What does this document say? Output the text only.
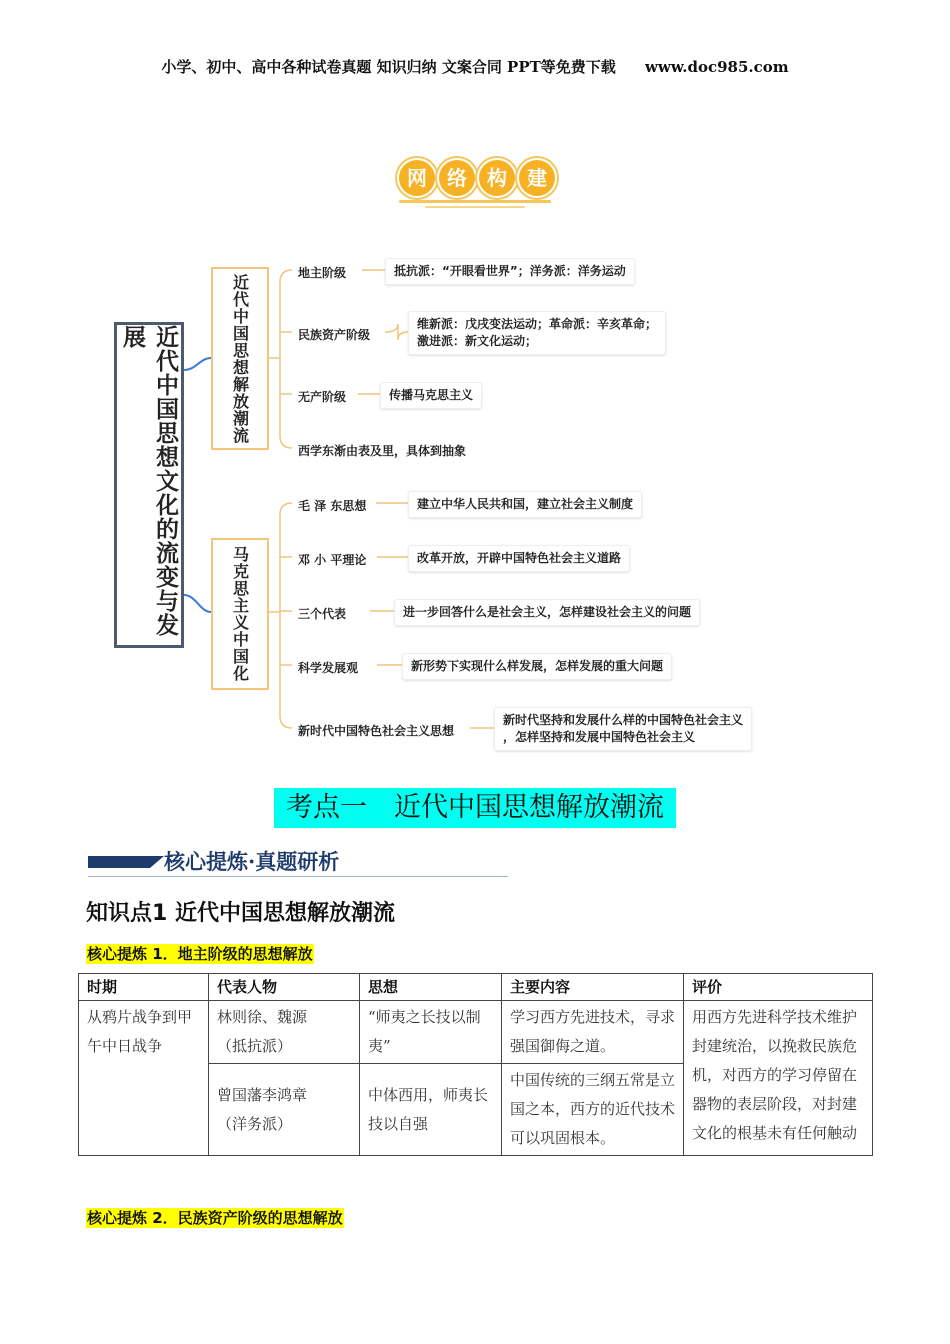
小学、初中、高中各种试卷真题 知识归纳 文案合同 PPT等免费下载 www.doc985.com
网	络	构	建
近代中国思想文化的流变与发展	近代中国思想解放潮流
地主阶级	抵抗派：“开眼看世界”；洋务派：洋务运动
民族资产阶级
维新派：戊戌变法运动；革命派：辛亥革命；
激进派：新文化运动；
无产阶级	传播马克思主义
西学东渐由表及里，具体到抽象
马克思主义中国化
毛 泽 东思想	建立中华人民共和国，建立社会主义制度
邓 小 平理论	改革开放，开辟中国特色社会主义道路
三个代表	进一步回答什么是社会主义，怎样建设社会主义的问题
科学发展观	新形势下实现什么样发展，怎样发展的重大问题
新时代中国特色社会主义思想
新时代坚持和发展什么样的中国特色社会主义
，怎样坚持和发展中国特色社会主义
考点一　近代中国思想解放潮流
核心提炼·真题研析
知识点1 近代中国思想解放潮流
核心提炼 1．地主阶级的思想解放
时期	代表人物	思想	主要内容	评价
从鸦片战争到甲午中日战争	林则徐、魏源
（抵抗派）	“师夷之长技以制夷”	学习西方先进技术，寻求强国御侮之道。	用西方先进科学技术维护封建统治，以挽救民族危机，对西方的学习停留在器物的表层阶段，对封建文化的根基未有任何触动

	曾国藩李鸿章
（洋务派）	中体西用，师夷长技以自强	中国传统的三纲五常是立国之本，西方的近代技术可以巩固根本。	
核心提炼 2．民族资产阶级的思想解放
